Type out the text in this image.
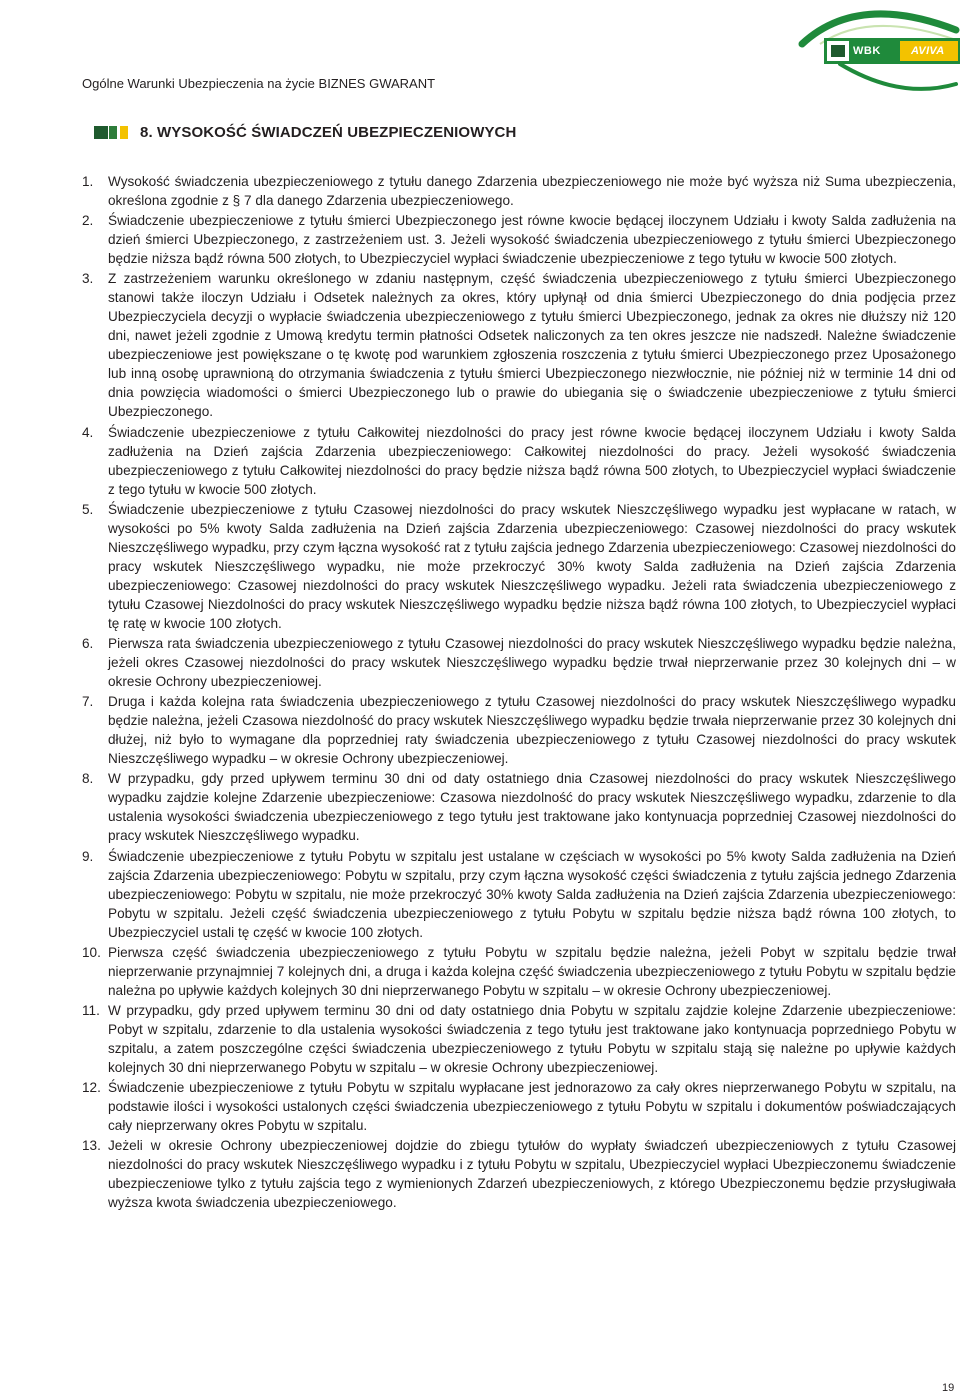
Ogólne Warunki Ubezpieczenia na życie BIZNES GWARANT
WBK	AVIVA
8. WYSOKOŚĆ ŚWIADCZEŃ UBEZPIECZENIOWYCH
1.	Wysokość świadczenia ubezpieczeniowego z tytułu danego Zdarzenia ubezpieczeniowego nie może być wyższa niż Suma ubezpieczenia, określona zgodnie z § 7 dla danego Zdarzenia ubezpieczeniowego.
2.	Świadczenie ubezpieczeniowe z tytułu śmierci Ubezpieczonego jest równe kwocie będącej iloczynem Udziału i kwoty Salda zadłużenia na dzień śmierci Ubezpieczonego, z zastrzeżeniem ust. 3. Jeżeli wysokość świadczenia ubezpieczeniowego z tytułu śmierci Ubezpieczonego będzie niższa bądź równa 500 złotych, to Ubezpieczyciel wypłaci świadczenie ubezpieczeniowe z tego tytułu w kwocie 500 złotych.
3.	Z zastrzeżeniem warunku określonego w zdaniu następnym, część świadczenia ubezpieczeniowego z tytułu śmierci Ubezpieczonego stanowi także iloczyn Udziału i Odsetek należnych za okres, który upłynął od dnia śmierci Ubezpieczonego do dnia podjęcia przez Ubezpieczyciela decyzji o wypłacie świadczenia ubezpieczeniowego z tytułu śmierci Ubezpieczonego, jednak za okres nie dłuższy niż 120 dni, nawet jeżeli zgodnie z Umową kredytu termin płatności Odsetek naliczonych za ten okres jeszcze nie nadszedł. Należne świadczenie ubezpieczeniowe jest powiększane o tę kwotę pod warunkiem zgłoszenia roszczenia z tytułu śmierci Ubezpieczonego przez Uposażonego lub inną osobę uprawnioną do otrzymania świadczenia z tytułu śmierci Ubezpieczonego niezwłocznie, nie później niż w terminie 14 dni od dnia powzięcia wiadomości o śmierci Ubezpieczonego lub o prawie do ubiegania się o świadczenie ubezpieczeniowe z tytułu śmierci Ubezpieczonego.
4.	Świadczenie ubezpieczeniowe z tytułu Całkowitej niezdolności do pracy jest równe kwocie będącej iloczynem Udziału i kwoty Salda zadłużenia na Dzień zajścia Zdarzenia ubezpieczeniowego: Całkowitej niezdolności do pracy. Jeżeli wysokość świadczenia ubezpieczeniowego z tytułu Całkowitej niezdolności do pracy będzie niższa bądź równa 500 złotych, to Ubezpieczyciel wypłaci świadczenie z tego tytułu w kwocie 500 złotych.
5.	Świadczenie ubezpieczeniowe z tytułu Czasowej niezdolności do pracy wskutek Nieszczęśliwego wypadku jest wypłacane w ratach, w wysokości po 5% kwoty Salda zadłużenia na Dzień zajścia Zdarzenia ubezpieczeniowego: Czasowej niezdolności do pracy wskutek Nieszczęśliwego wypadku, przy czym łączna wysokość rat z tytułu zajścia jednego Zdarzenia ubezpieczeniowego: Czasowej niezdolności do pracy wskutek Nieszczęśliwego wypadku, nie może przekroczyć 30% kwoty Salda zadłużenia na Dzień zajścia Zdarzenia ubezpieczeniowego: Czasowej niezdolności do pracy wskutek Nieszczęśliwego wypadku. Jeżeli rata świadczenia ubezpieczeniowego z tytułu Czasowej Niezdolności do pracy wskutek Nieszczęśliwego wypadku będzie niższa bądź równa 100 złotych, to Ubezpieczyciel wypłaci tę ratę w kwocie 100 złotych.
6.	Pierwsza rata świadczenia ubezpieczeniowego z tytułu Czasowej niezdolności do pracy wskutek Nieszczęśliwego wypadku będzie należna, jeżeli okres Czasowej niezdolności do pracy wskutek Nieszczęśliwego wypadku będzie trwał nieprzerwanie przez 30 kolejnych dni – w okresie Ochrony ubezpieczeniowej.
7.	Druga i każda kolejna rata świadczenia ubezpieczeniowego z tytułu Czasowej niezdolności do pracy wskutek Nieszczęśliwego wypadku będzie należna, jeżeli Czasowa niezdolność do pracy wskutek Nieszczęśliwego wypadku będzie trwała nieprzerwanie przez 30 kolejnych dni dłużej, niż było to wymagane dla poprzedniej raty świadczenia ubezpieczeniowego z tytułu Czasowej niezdolności do pracy wskutek Nieszczęśliwego wypadku – w okresie Ochrony ubezpieczeniowej.
8.	W przypadku, gdy przed upływem terminu 30 dni od daty ostatniego dnia Czasowej niezdolności do pracy wskutek Nieszczęśliwego wypadku zajdzie kolejne Zdarzenie ubezpieczeniowe: Czasowa niezdolność do pracy wskutek Nieszczęśliwego wypadku, zdarzenie to dla ustalenia wysokości świadczenia ubezpieczeniowego z tego tytułu jest traktowane jako kontynuacja poprzedniej Czasowej niezdolności do pracy wskutek Nieszczęśliwego wypadku.
9.	Świadczenie ubezpieczeniowe z tytułu Pobytu w szpitalu jest ustalane w częściach w wysokości po 5% kwoty Salda zadłużenia na Dzień zajścia Zdarzenia ubezpieczeniowego: Pobytu w szpitalu, przy czym łączna wysokość części świadczenia z tytułu zajścia jednego Zdarzenia ubezpieczeniowego: Pobytu w szpitalu, nie może przekroczyć 30% kwoty Salda zadłużenia na Dzień zajścia Zdarzenia ubezpieczeniowego: Pobytu w szpitalu. Jeżeli część świadczenia ubezpieczeniowego z tytułu Pobytu w szpitalu będzie niższa bądź równa 100 złotych, to Ubezpieczyciel ustali tę część w kwocie 100 złotych.
10. Pierwsza część świadczenia ubezpieczeniowego z tytułu Pobytu w szpitalu będzie należna, jeżeli Pobyt w szpitalu będzie trwał nieprzerwanie przynajmniej 7 kolejnych dni, a druga i każda kolejna część świadczenia ubezpieczeniowego z tytułu Pobytu w szpitalu będzie należna po upływie każdych kolejnych 30 dni nieprzerwanego Pobytu w szpitalu – w okresie Ochrony ubezpieczeniowej.
11. W przypadku, gdy przed upływem terminu 30 dni od daty ostatniego dnia Pobytu w szpitalu zajdzie kolejne Zdarzenie ubezpieczeniowe: Pobyt w szpitalu, zdarzenie to dla ustalenia wysokości świadczenia z tego tytułu jest traktowane jako kontynuacja poprzedniego Pobytu w szpitalu, a zatem poszczególne części świadczenia ubezpieczeniowego z tytułu Pobytu w szpitalu stają się należne po upływie każdych kolejnych 30 dni nieprzerwanego Pobytu w szpitalu – w okresie Ochrony ubezpieczeniowej.
12. Świadczenie ubezpieczeniowe z tytułu Pobytu w szpitalu wypłacane jest jednorazowo za cały okres nieprzerwanego Pobytu w szpitalu, na podstawie ilości i wysokości ustalonych części świadczenia ubezpieczeniowego z tytułu Pobytu w szpitalu i dokumentów poświadczających cały nieprzerwany okres Pobytu w szpitalu.
13. Jeżeli w okresie Ochrony ubezpieczeniowej dojdzie do zbiegu tytułów do wypłaty świadczeń ubezpieczeniowych z tytułu Czasowej niezdolności do pracy wskutek Nieszczęśliwego wypadku i z tytułu Pobytu w szpitalu, Ubezpieczyciel wypłaci Ubezpieczonemu świadczenie ubezpieczeniowe tylko z tytułu zajścia tego z wymienionych Zdarzeń ubezpieczeniowych, z którego Ubezpieczonemu będzie przysługiwała wyższa kwota świadczenia ubezpieczeniowego.
19
